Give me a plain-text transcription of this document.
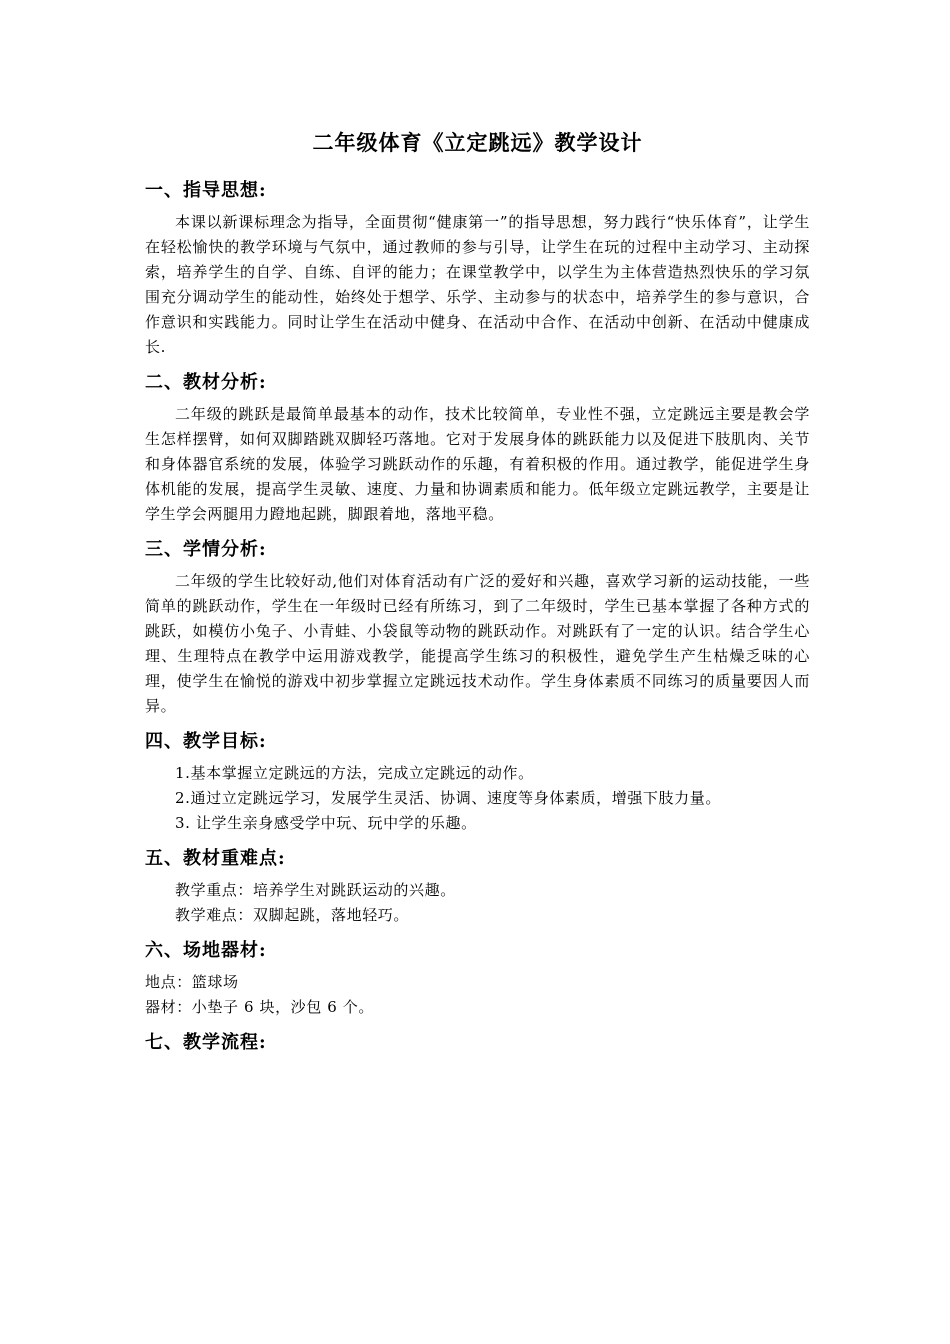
二年级体育《立定跳远》教学设计
一、指导思想:

本课以新课标理念为指导，全面贯彻“健康第一”的指导思想，努力践行“快乐体育”，让学生在轻松愉快的教学环境与气氛中，通过教师的参与引导，让学生在玩的过程中主动学习、主动探索，培养学生的自学、自练、自评的能力；在课堂教学中，以学生为主体营造热烈快乐的学习氛围充分调动学生的能动性，始终处于想学、乐学、主动参与的状态中，培养学生的参与意识，合作意识和实践能力。同时让学生在活动中健身、在活动中合作、在活动中创新、在活动中健康成长.

二、教材分析:

二年级的跳跃是最简单最基本的动作，技术比较简单，专业性不强，立定跳远主要是教会学生怎样摆臂，如何双脚踏跳双脚轻巧落地。它对于发展身体的跳跃能力以及促进下肢肌肉、关节和身体器官系统的发展，体验学习跳跃动作的乐趣，有着积极的作用。通过教学，能促进学生身体机能的发展，提高学生灵敏、速度、力量和协调素质和能力。低年级立定跳远教学，主要是让学生学会两腿用力蹬地起跳，脚跟着地，落地平稳。

三、学情分析:

二年级的学生比较好动,他们对体育活动有广泛的爱好和兴趣，喜欢学习新的运动技能，一些简单的跳跃动作，学生在一年级时已经有所练习，到了二年级时，学生已基本掌握了各种方式的跳跃，如模仿小兔子、小青蛙、小袋鼠等动物的跳跃动作。对跳跃有了一定的认识。结合学生心理、生理特点在教学中运用游戏教学，能提高学生练习的积极性，避免学生产生枯燥乏味的心理，使学生在愉悦的游戏中初步掌握立定跳远技术动作。学生身体素质不同练习的质量要因人而异。

四、教学目标:

1.基本掌握立定跳远的方法，完成立定跳远的动作。

2.通过立定跳远学习，发展学生灵活、协调、速度等身体素质，增强下肢力量。

3. 让学生亲身感受学中玩、玩中学的乐趣。

五、教材重难点:

教学重点：培养学生对跳跃运动的兴趣。

教学难点：双脚起跳，落地轻巧。

六、场地器材:

地点：篮球场

器材：小垫子 6 块，沙包 6 个。

七、教学流程:
